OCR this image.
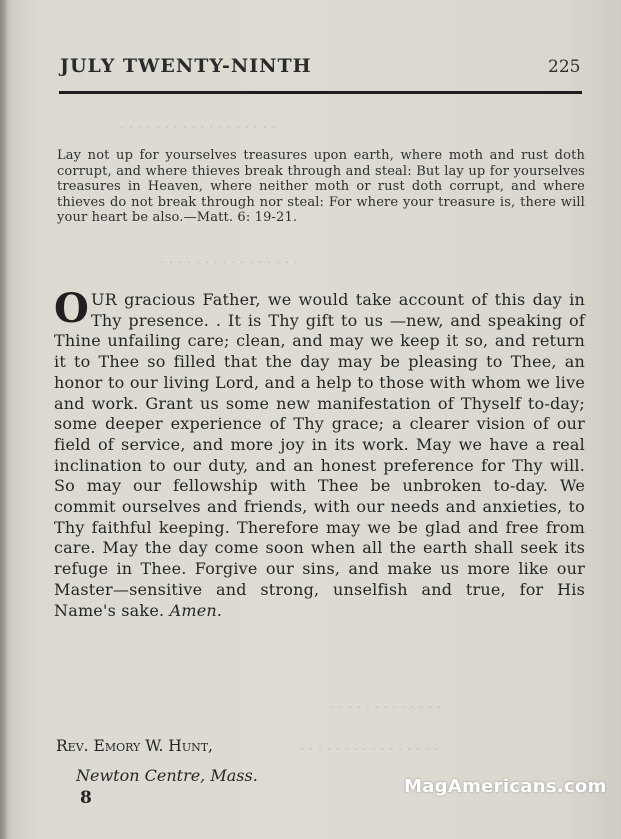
· · · · · · · · · · · · · · · · · ·
· · · · · · · · · · · · · · · ·
· · · · · · · · · · · · ·
· · · · · · · · · · · · · · · ·
JULY TWENTY-NINTH	225
Lay not up for yourselves treasures upon earth, where moth and rust doth corrupt, and where thieves break through and steal: But lay up for yourselves treasures in Heaven, where neither moth or rust doth corrupt, and where thieves do not break through nor steal: For where your treasure is, there will your heart be also.—Matt. 6: 19-21.
OUR gracious Father, we would take account of this day in Thy presence. . It is Thy gift to us —new, and speaking of Thine unfailing care; clean, and may we keep it so, and return it to Thee so filled that the day may be pleasing to Thee, an honor to our living Lord, and a help to those with whom we live and work. Grant us some new manifestation of Thyself to-day; some deeper experience of Thy grace; a clearer vision of our field of service, and more joy in its work. May we have a real inclination to our duty, and an honest preference for Thy will. So may our fellowship with Thee be unbroken to-day. We commit ourselves and friends, with our needs and anxieties, to Thy faithful keeping. Therefore may we be glad and free from care. May the day come soon when all the earth shall seek its refuge in Thee. Forgive our sins, and make us more like our Master—sensitive and strong, unselfish and true, for His Name's sake. Amen.
Rev. Emory W. Hunt,
Newton Centre, Mass.
8
MagAmericans.com
